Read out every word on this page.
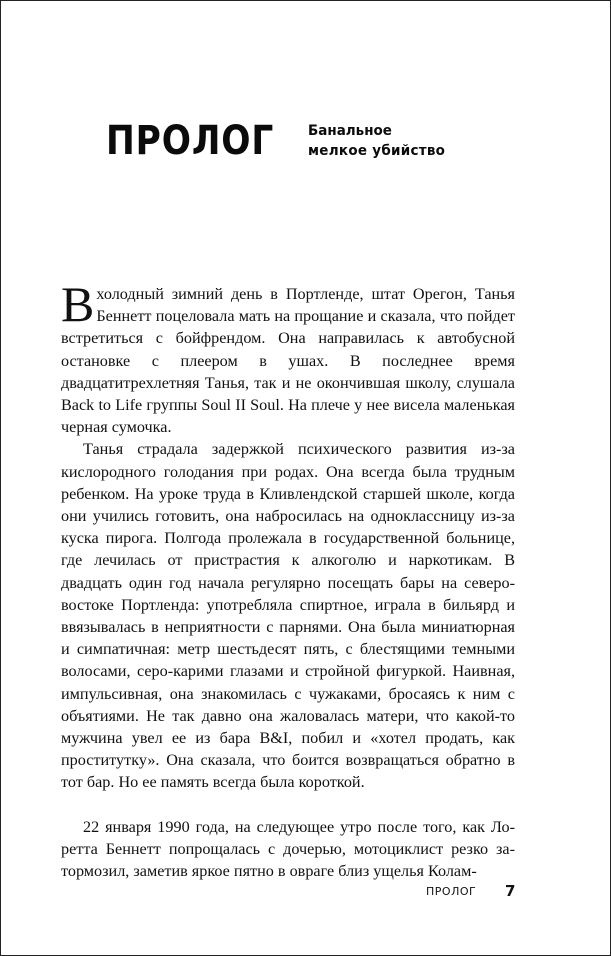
ПРОЛОГ Банальное
мелкое убийство

Вхолодный зимний день в Портленде, штат Орегон, Танья Беннетт поцеловала мать на прощание и сказала, что пойдет встретиться с бойфрендом. Она направилась к автобусной остановке с плеером в ушах. В последнее время двадцатитрехлетняя Танья, так и не окончившая школу, слушала Back to Life группы Soul II Soul. На плече у нее висела маленькая черная сумочка.

Танья страдала задержкой психического развития из-за кислородного голодания при родах. Она всегда была трудным ребенком. На уроке труда в Кливлендской старшей школе, когда они учились готовить, она набросилась на одноклассницу из-за куска пирога. Полгода пролежала в государственной больнице, где лечилась от пристрастия к алкоголю и наркотикам. В двадцать один год начала регулярно посещать бары на северо-востоке Портленда: употребляла спиртное, играла в бильярд и ввязывалась в неприятности с парнями. Она была миниатюрная и симпатичная: метр шестьдесят пять, с блестящими темными волосами, серо-карими глазами и стройной фигуркой. Наивная, импульсивная, она знакомилась с чужаками, бросаясь к ним с объятиями. Не так давно она жаловалась матери, что какой-то мужчина увел ее из бара B&I, побил и «хотел продать, как проститутку». Она сказала, что боится возвращаться обратно в тот бар. Но ее память всегда была короткой.

22 января 1990 года, на следующее утро после того, как Лоретта Беннетт попрощалась с дочерью, мотоциклист резко затормозил, заметив яркое пятно в овраге близ ущелья Колам-

ПРОЛОГ 7
